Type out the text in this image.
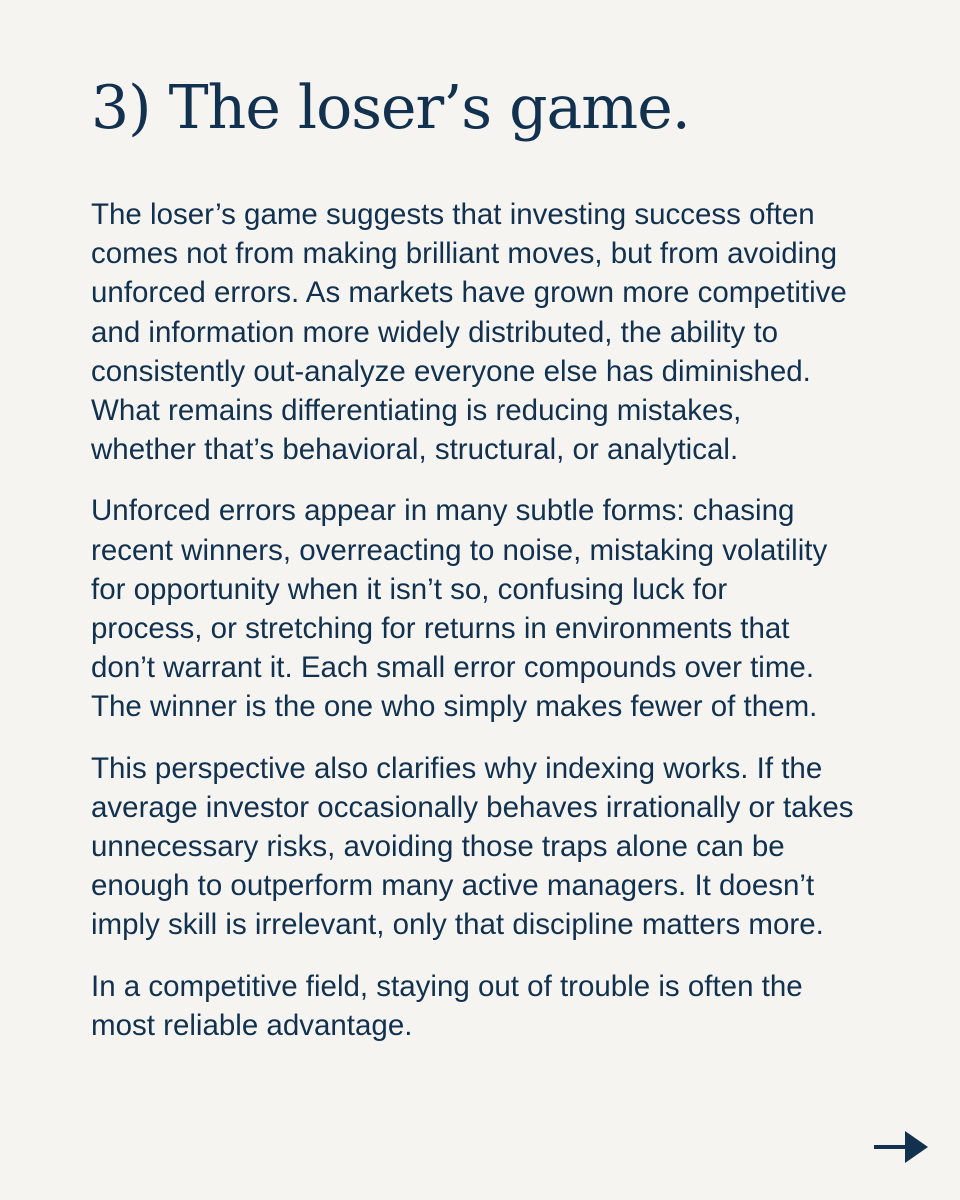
3) The loser’s game.

The loser’s game suggests that investing success often
comes not from making brilliant moves, but from avoiding
unforced errors. As markets have grown more competitive
and information more widely distributed, the ability to
consistently out-analyze everyone else has diminished.
What remains differentiating is reducing mistakes,
whether that’s behavioral, structural, or analytical.

Unforced errors appear in many subtle forms: chasing
recent winners, overreacting to noise, mistaking volatility
for opportunity when it isn’t so, confusing luck for
process, or stretching for returns in environments that
don’t warrant it. Each small error compounds over time.
The winner is the one who simply makes fewer of them.

This perspective also clarifies why indexing works. If the
average investor occasionally behaves irrationally or takes
unnecessary risks, avoiding those traps alone can be
enough to outperform many active managers. It doesn’t
imply skill is irrelevant, only that discipline matters more.

In a competitive field, staying out of trouble is often the
most reliable advantage.
